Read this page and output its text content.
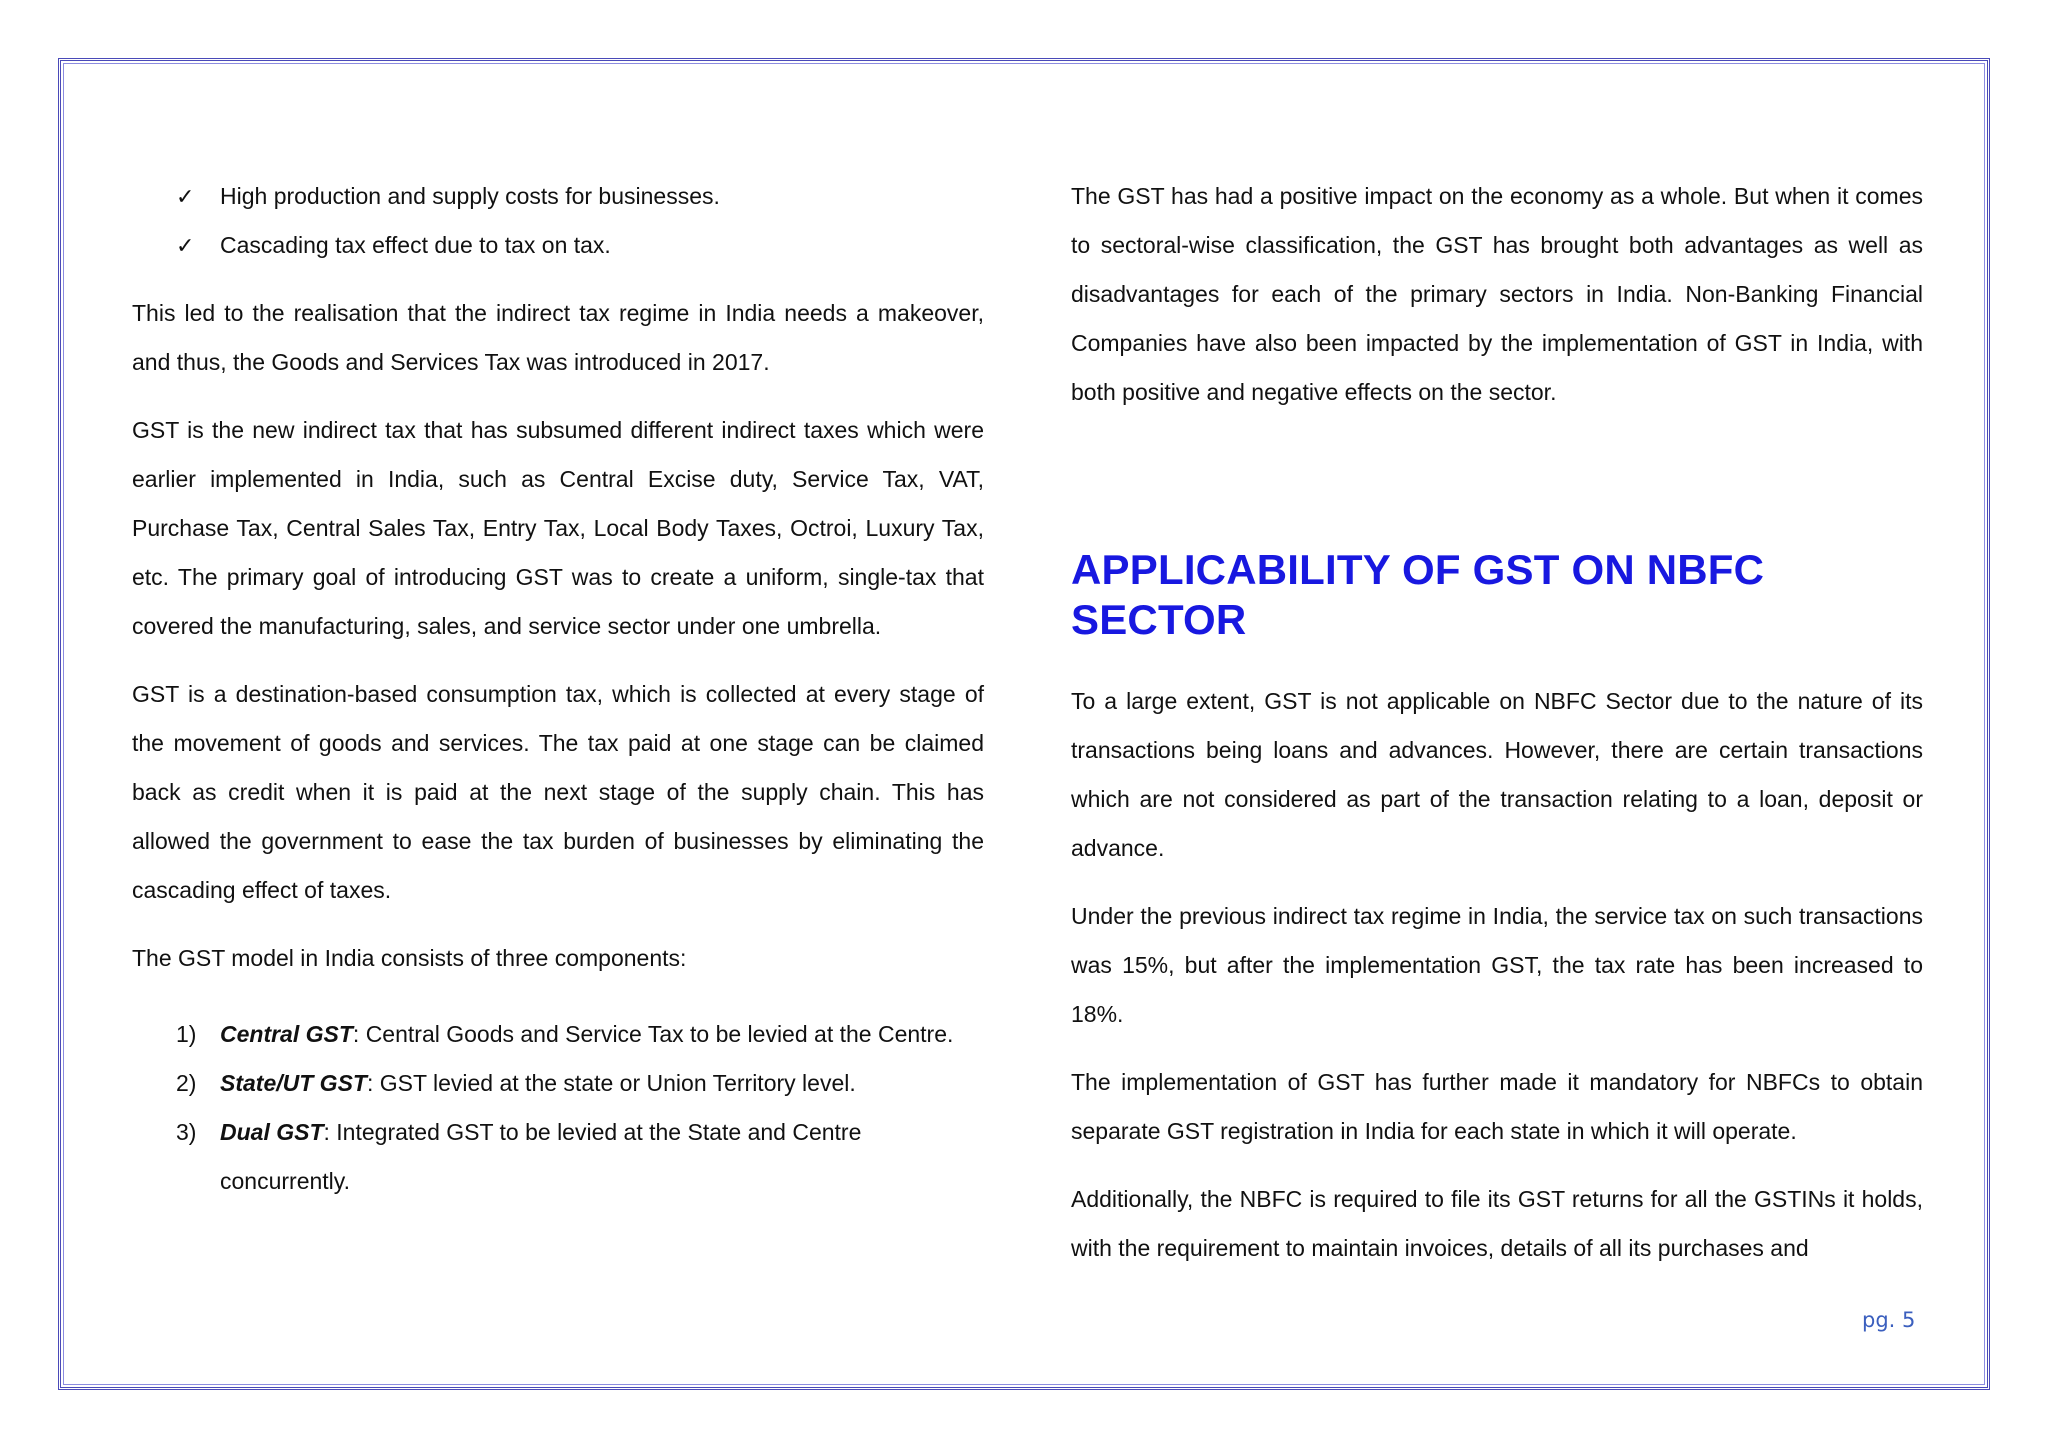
✓ High production and supply costs for businesses.
✓ Cascading tax effect due to tax on tax.

This led to the realisation that the indirect tax regime in India needs a makeover, and thus, the Goods and Services Tax was introduced in 2017.

GST is the new indirect tax that has subsumed different indirect taxes which were earlier implemented in India, such as Central Excise duty, Service Tax, VAT, Purchase Tax, Central Sales Tax, Entry Tax, Local Body Taxes, Octroi, Luxury Tax, etc. The primary goal of introducing GST was to create a uniform, single-tax that covered the manufacturing, sales, and service sector under one umbrella.

GST is a destination-based consumption tax, which is collected at every stage of the movement of goods and services. The tax paid at one stage can be claimed back as credit when it is paid at the next stage of the supply chain. This has allowed the government to ease the tax burden of businesses by eliminating the cascading effect of taxes.

The GST model in India consists of three components:

1) Central GST: Central Goods and Service Tax to be levied at the Centre.
2) State/UT GST: GST levied at the state or Union Territory level.
3) Dual GST: Integrated GST to be levied at the State and Centre concurrently.

The GST has had a positive impact on the economy as a whole. But when it comes to sectoral-wise classification, the GST has brought both advantages as well as disadvantages for each of the primary sectors in India. Non-Banking Financial Companies have also been impacted by the implementation of GST in India, with both positive and negative effects on the sector.

APPLICABILITY OF GST ON NBFC SECTOR

To a large extent, GST is not applicable on NBFC Sector due to the nature of its transactions being loans and advances. However, there are certain transactions which are not considered as part of the transaction relating to a loan, deposit or advance.

Under the previous indirect tax regime in India, the service tax on such transactions was 15%, but after the implementation GST, the tax rate has been increased to 18%.

The implementation of GST has further made it mandatory for NBFCs to obtain separate GST registration in India for each state in which it will operate.

Additionally, the NBFC is required to file its GST returns for all the GSTINs it holds, with the requirement to maintain invoices, details of all its purchases and

pg. 5
